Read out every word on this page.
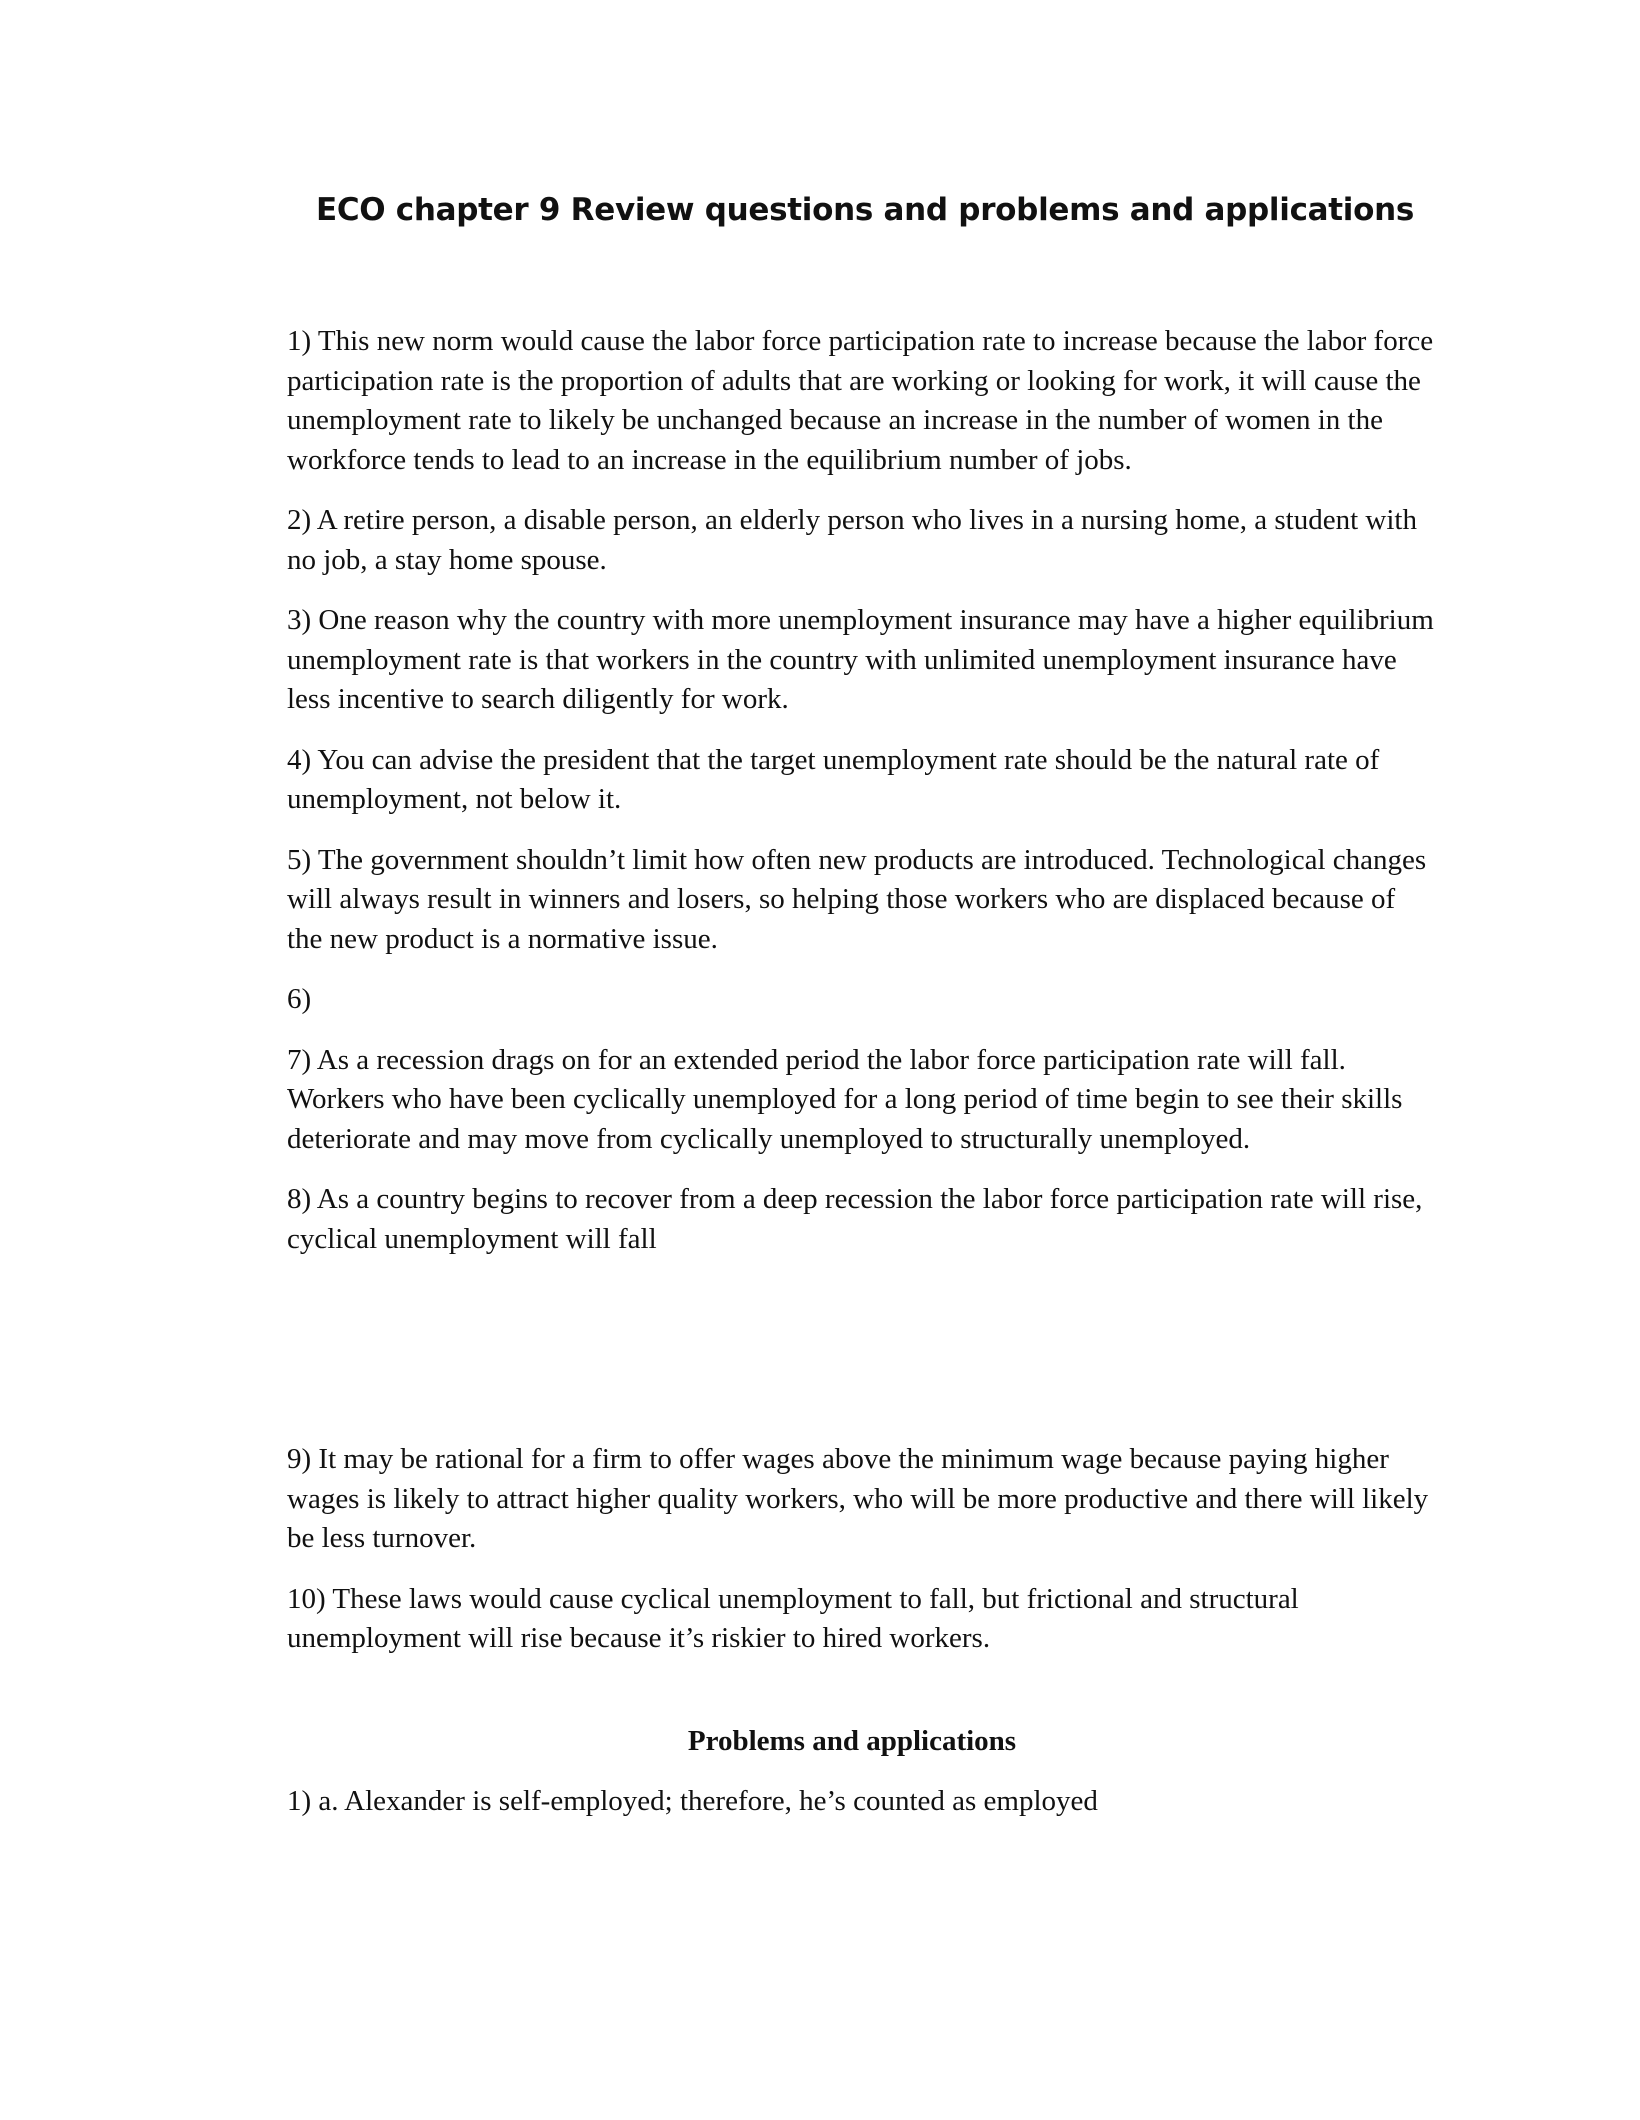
ECO chapter 9 Review questions and problems and applications

1) This new norm would cause the labor force participation rate to increase because the labor force participation rate is the proportion of adults that are working or looking for work, it will cause the unemployment rate to likely be unchanged because an increase in the number of women in the workforce tends to lead to an increase in the equilibrium number of jobs.

2) A retire person, a disable person, an elderly person who lives in a nursing home, a student with no job, a stay home spouse.

3) One reason why the country with more unemployment insurance may have a higher equilibrium unemployment rate is that workers in the country with unlimited unemployment insurance have less incentive to search diligently for work.

4) You can advise the president that the target unemployment rate should be the natural rate of unemployment, not below it.

5) The government shouldn’t limit how often new products are introduced. Technological changes will always result in winners and losers, so helping those workers who are displaced because of the new product is a normative issue.

6)

7) As a recession drags on for an extended period the labor force participation rate will fall. Workers who have been cyclically unemployed for a long period of time begin to see their skills deteriorate and may move from cyclically unemployed to structurally unemployed.

8) As a country begins to recover from a deep recession the labor force participation rate will rise, cyclical unemployment will fall

9) It may be rational for a firm to offer wages above the minimum wage because paying higher wages is likely to attract higher quality workers, who will be more productive and there will likely be less turnover.

10) These laws would cause cyclical unemployment to fall, but frictional and structural unemployment will rise because it’s riskier to hired workers.

Problems and applications

1) a. Alexander is self-employed; therefore, he’s counted as employed
